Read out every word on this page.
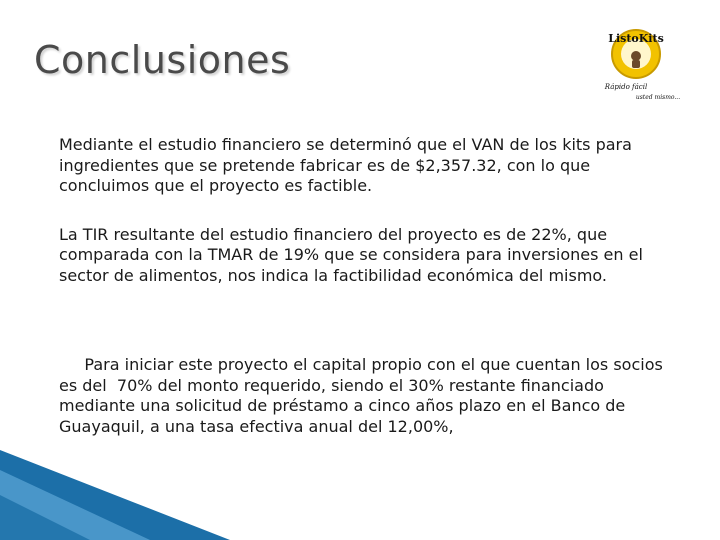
Conclusiones	ListoKits
Rápido fácil
usted mismo...
Mediante el estudio financiero se determinó que el VAN de los kits para ingredientes que se pretende fabricar es de $2,357.32, con lo que concluimos que el proyecto es factible.
La TIR resultante del estudio financiero del proyecto es de 22%, que comparada con la TMAR de 19% que se considera para inversiones en el sector de alimentos, nos indica la factibilidad económica del mismo.

Para iniciar este proyecto el capital propio con el que cuentan los socios es del  70% del monto requerido, siendo el 30% restante financiado mediante una solicitud de préstamo a cinco años plazo en el Banco de Guayaquil, a una tasa efectiva anual del 12,00%,
